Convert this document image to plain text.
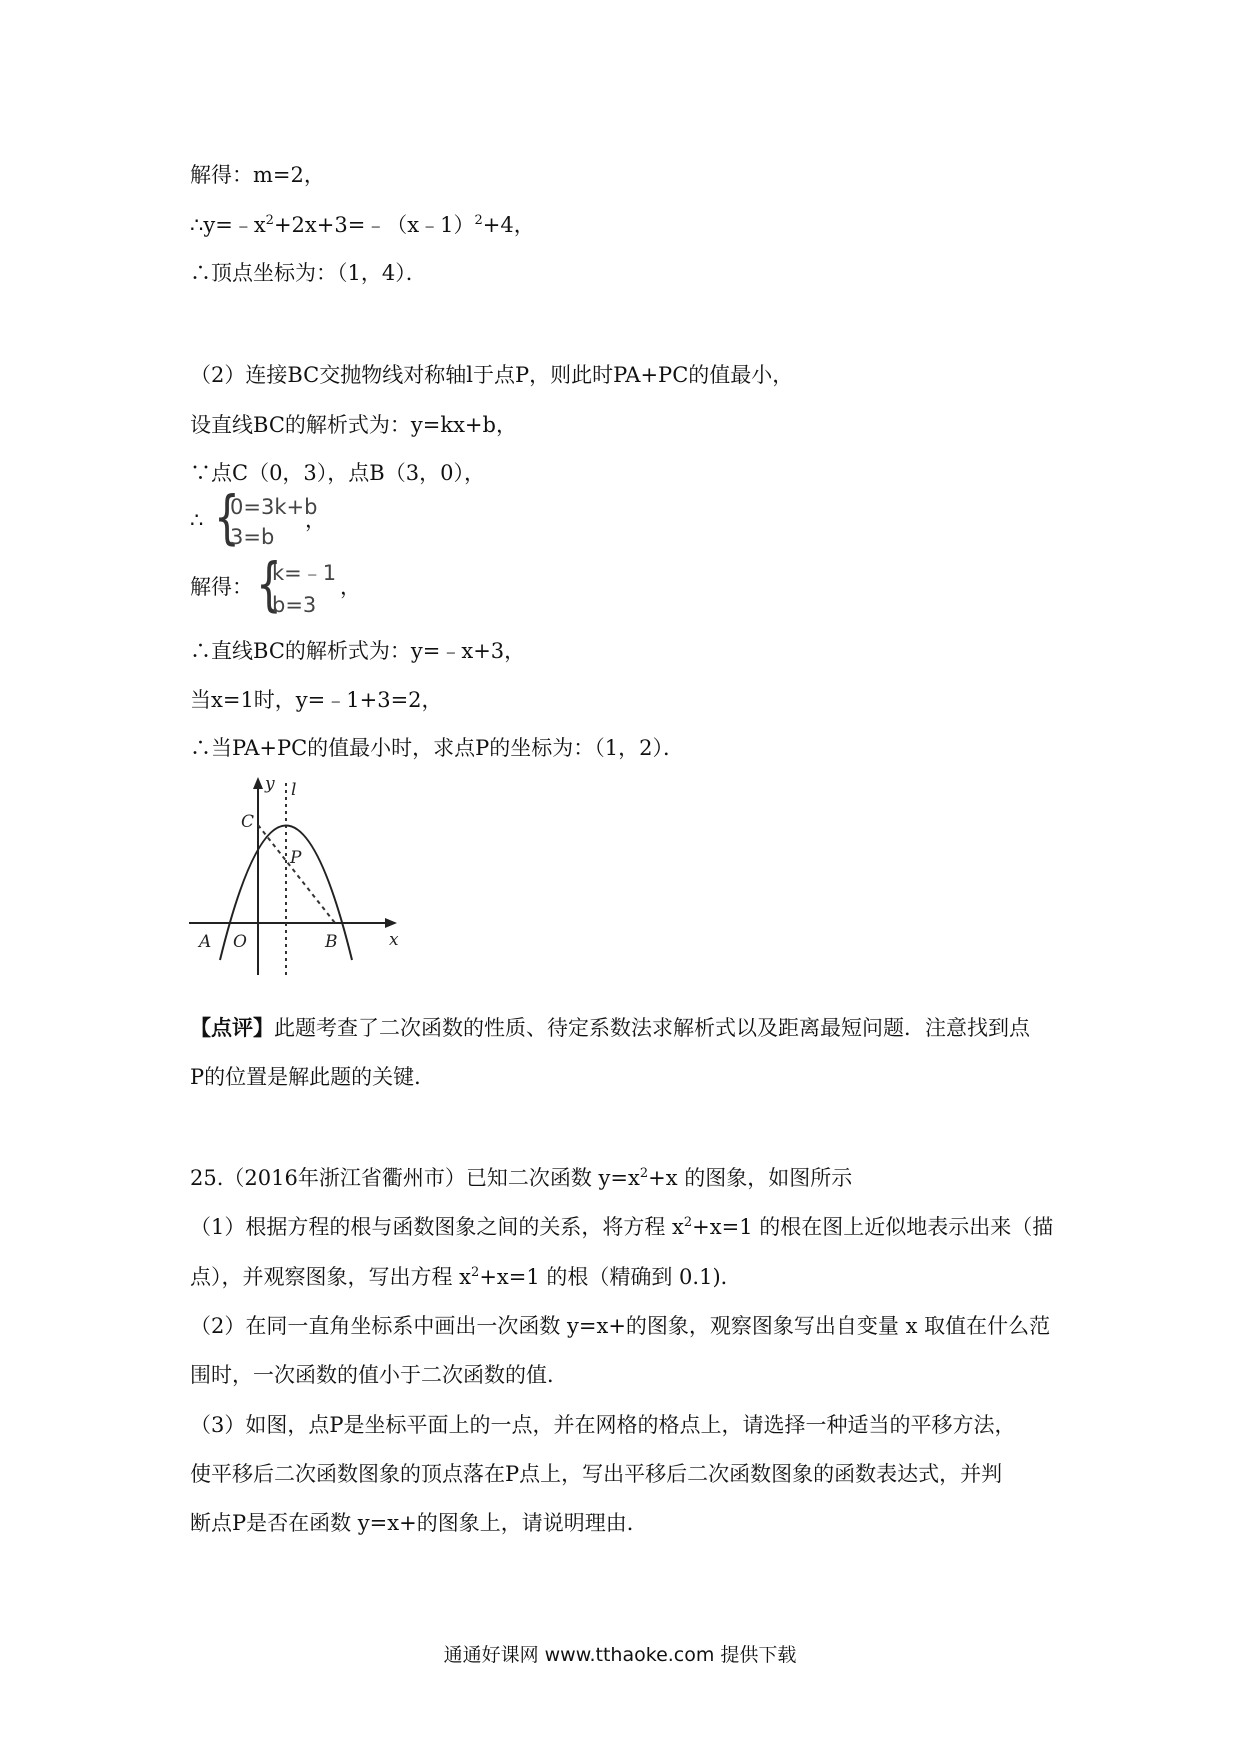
解得：m=2，
$\therefore y=﹣x^2+2x+3=﹣(x﹣1)^2+4$，
∴顶点坐标为：（1，4）．
（2）连接BC交抛物线对称轴l于点P，则此时PA+PC的值最小，
设直线BC的解析式为：y=kx+b，
∵点C（0，3），点B（3，0），
∴ {
0=3k+b
3=b
，
解得： {
k=﹣1
b=3
，
∴直线BC的解析式为：y=﹣x+3，
当x=1时，y=﹣1+3=2，
∴当PA+PC的值最小时，求点P的坐标为：（1，2）．
y l
C
P
A O	B	x
【点评】此题考查了二次函数的性质、待定系数法求解析式以及距离最短问题．注意找到点
P的位置是解此题的关键．
25.（2016年浙江省衢州市）已知二次函数 $y=x^2+x$ 的图象，如图所示
（1）根据方程的根与函数图象之间的关系，将方程 $x^2+x=1$ 的根在图上近似地表示出来（描
点），并观察图象，写出方程 $x^2+x=1$ 的根（精确到 0.1)．
（2）在同一直角坐标系中画出一次函数 y=x+的图象，观察图象写出自变量 x 取值在什么范
围时，一次函数的值小于二次函数的值．
（3）如图，点P是坐标平面上的一点，并在网格的格点上，请选择一种适当的平移方法，
使平移后二次函数图象的顶点落在P点上，写出平移后二次函数图象的函数表达式，并判
断点P是否在函数 y=x+的图象上，请说明理由．
通通好课网 www.tthaoke.com 提供下载
